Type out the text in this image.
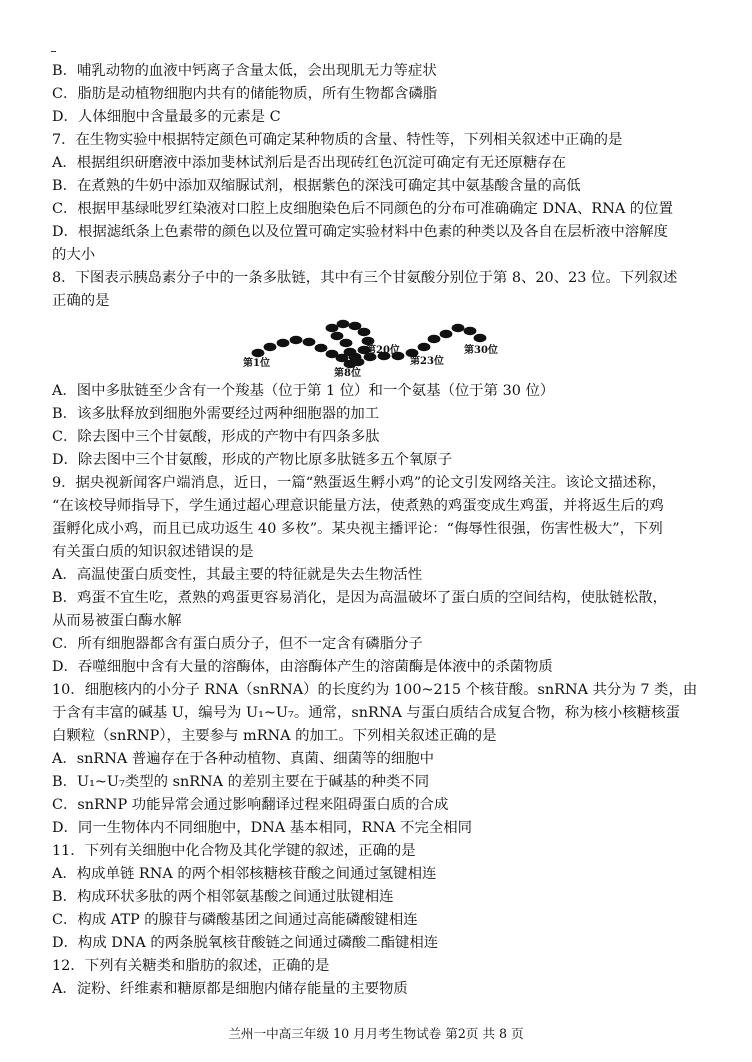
B．哺乳动物的血液中钙离子含量太低，会出现肌无力等症状
C．脂肪是动植物细胞内共有的储能物质，所有生物都含磷脂
D．人体细胞中含量最多的元素是 C
7．在生物实验中根据特定颜色可确定某种物质的含量、特性等，下列相关叙述中正确的是
A．根据组织研磨液中添加斐林试剂后是否出现砖红色沉淀可确定有无还原糖存在
B．在煮熟的牛奶中添加双缩脲试剂，根据紫色的深浅可确定其中氨基酸含量的高低
C．根据甲基绿吡罗红染液对口腔上皮细胞染色后不同颜色的分布可准确确定 DNA、RNA 的位置
D．根据滤纸条上色素带的颜色以及位置可确定实验材料中色素的种类以及各自在层析液中溶解度
的大小
8．下图表示胰岛素分子中的一条多肽链，其中有三个甘氨酸分别位于第 8、20、23 位。下列叙述
正确的是
第1位
第8位
第20位
第23位
第30位
A．图中多肽链至少含有一个羧基（位于第 1 位）和一个氨基（位于第 30 位）
B．该多肽释放到细胞外需要经过两种细胞器的加工
C．除去图中三个甘氨酸，形成的产物中有四条多肽
D．除去图中三个甘氨酸，形成的产物比原多肽链多五个氧原子
9．据央视新闻客户端消息，近日，一篇“熟蛋返生孵小鸡”的论文引发网络关注。该论文描述称，
“在该校导师指导下，学生通过超心理意识能量方法，使煮熟的鸡蛋变成生鸡蛋，并将返生后的鸡
蛋孵化成小鸡，而且已成功返生 40 多枚”。某央视主播评论：“侮辱性很强，伤害性极大”，下列
有关蛋白质的知识叙述错误的是
A．高温使蛋白质变性，其最主要的特征就是失去生物活性
B．鸡蛋不宜生吃，煮熟的鸡蛋更容易消化，是因为高温破坏了蛋白质的空间结构，使肽链松散，
从而易被蛋白酶水解
C．所有细胞器都含有蛋白质分子，但不一定含有磷脂分子
D．吞噬细胞中含有大量的溶酶体，由溶酶体产生的溶菌酶是体液中的杀菌物质
10．细胞核内的小分子 RNA（snRNA）的长度约为 100~215 个核苷酸。snRNA 共分为 7 类，由
于含有丰富的碱基 U，编号为 U₁~U₇。通常，snRNA 与蛋白质结合成复合物，称为核小核糖核蛋
白颗粒（snRNP），主要参与 mRNA 的加工。下列相关叙述正确的是
A．snRNA 普遍存在于各种动植物、真菌、细菌等的细胞中
B．U₁~U₇类型的 snRNA 的差别主要在于碱基的种类不同
C．snRNP 功能异常会通过影响翻译过程来阻碍蛋白质的合成
D．同一生物体内不同细胞中，DNA 基本相同，RNA 不完全相同
11．下列有关细胞中化合物及其化学键的叙述，正确的是
A．构成单链 RNA 的两个相邻核糖核苷酸之间通过氢键相连
B．构成环状多肽的两个相邻氨基酸之间通过肽键相连
C．构成 ATP 的腺苷与磷酸基团之间通过高能磷酸键相连
D．构成 DNA 的两条脱氧核苷酸链之间通过磷酸二酯键相连
12．下列有关糖类和脂肪的叙述，正确的是
A．淀粉、纤维素和糖原都是细胞内储存能量的主要物质
兰州一中高三年级 10 月月考生物试卷 第2页 共 8 页
